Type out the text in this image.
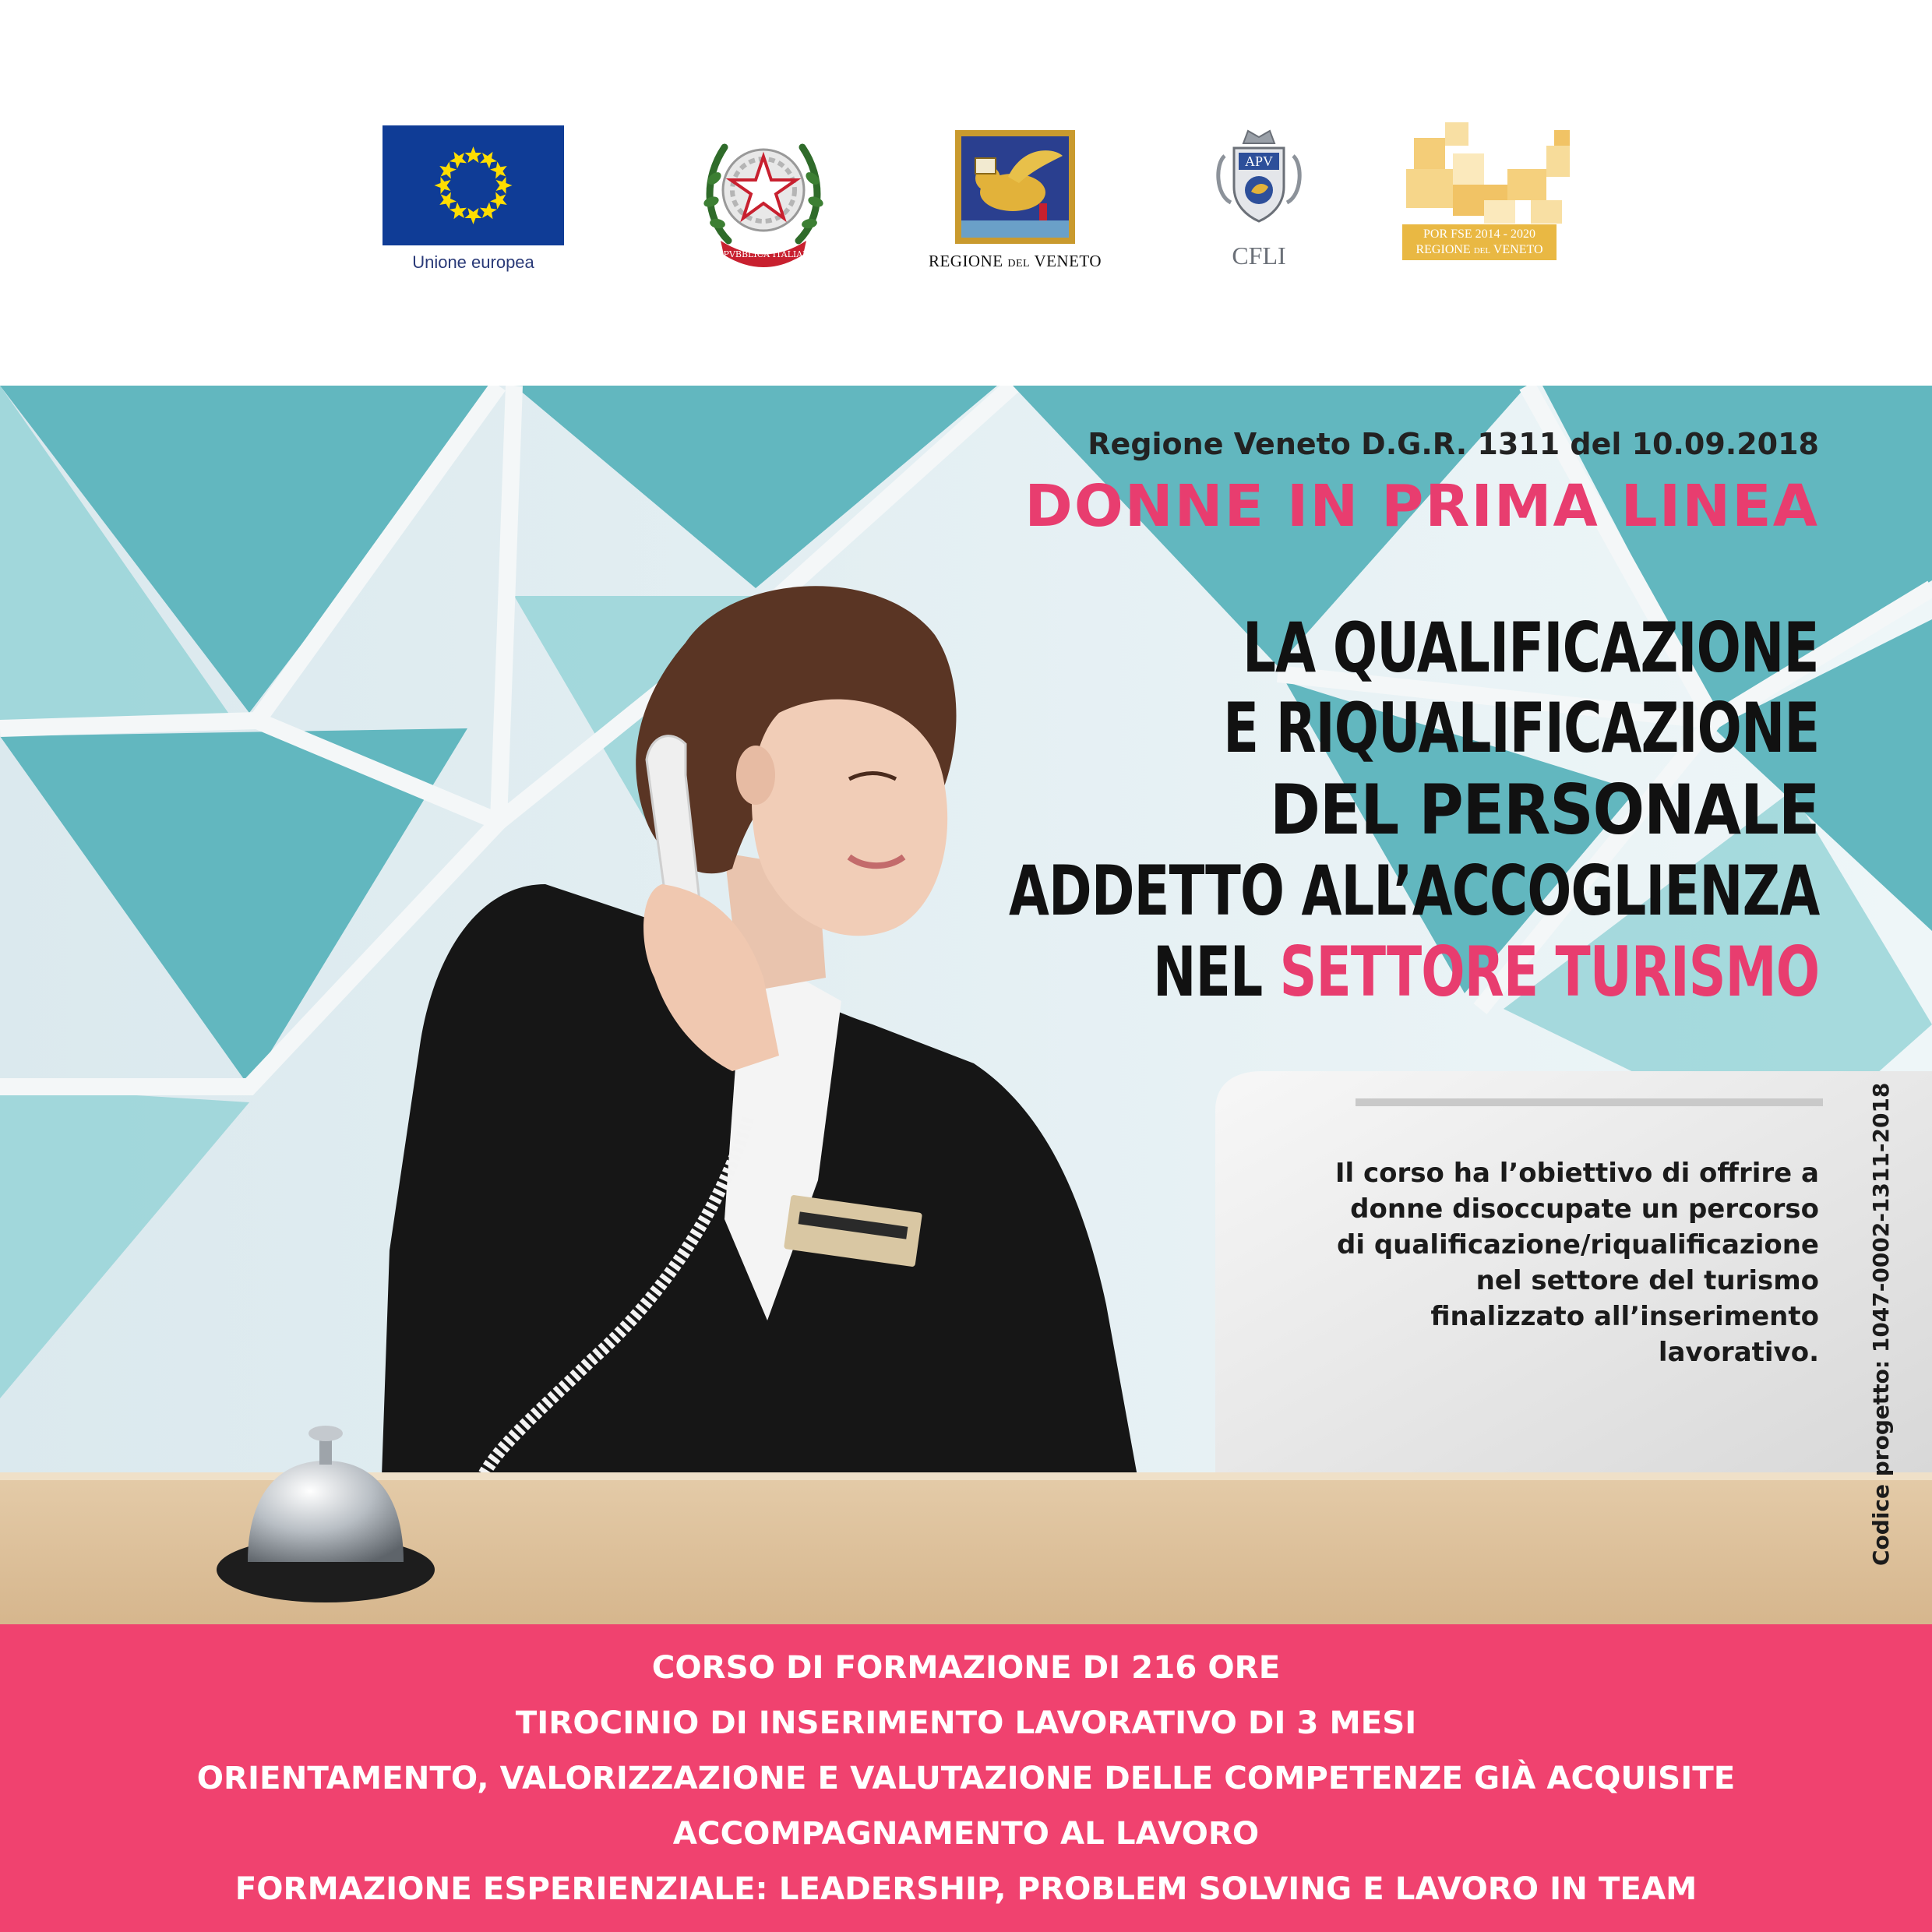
Unione europea	REPVBBLICA ITALIANA	REGIONE DEL VENETO
APV
CFLI
POR FSE 2014 - 2020
REGIONE DEL VENETO
Regione Veneto D.G.R. 1311 del 10.09.2018
DONNE IN PRIMA LINEA
LA QUALIFICAZIONE
E RIQUALIFICAZIONE
DEL PERSONALE
ADDETTO ALL’ACCOGLIENZA
NEL SETTORE TURISMO
Il corso ha l’obiettivo di offrire a
donne disoccupate un percorso
di qualificazione/riqualificazione
nel settore del turismo
finalizzato all’inserimento
lavorativo. Codice progetto: 1047-0002-1311-2018
CORSO DI FORMAZIONE DI 216 ORE
TIROCINIO DI INSERIMENTO LAVORATIVO DI 3 MESI
ORIENTAMENTO, VALORIZZAZIONE E VALUTAZIONE DELLE COMPETENZE GIÀ ACQUISITE
ACCOMPAGNAMENTO AL LAVORO
FORMAZIONE ESPERIENZIALE: LEADERSHIP, PROBLEM SOLVING E LAVORO IN TEAM
